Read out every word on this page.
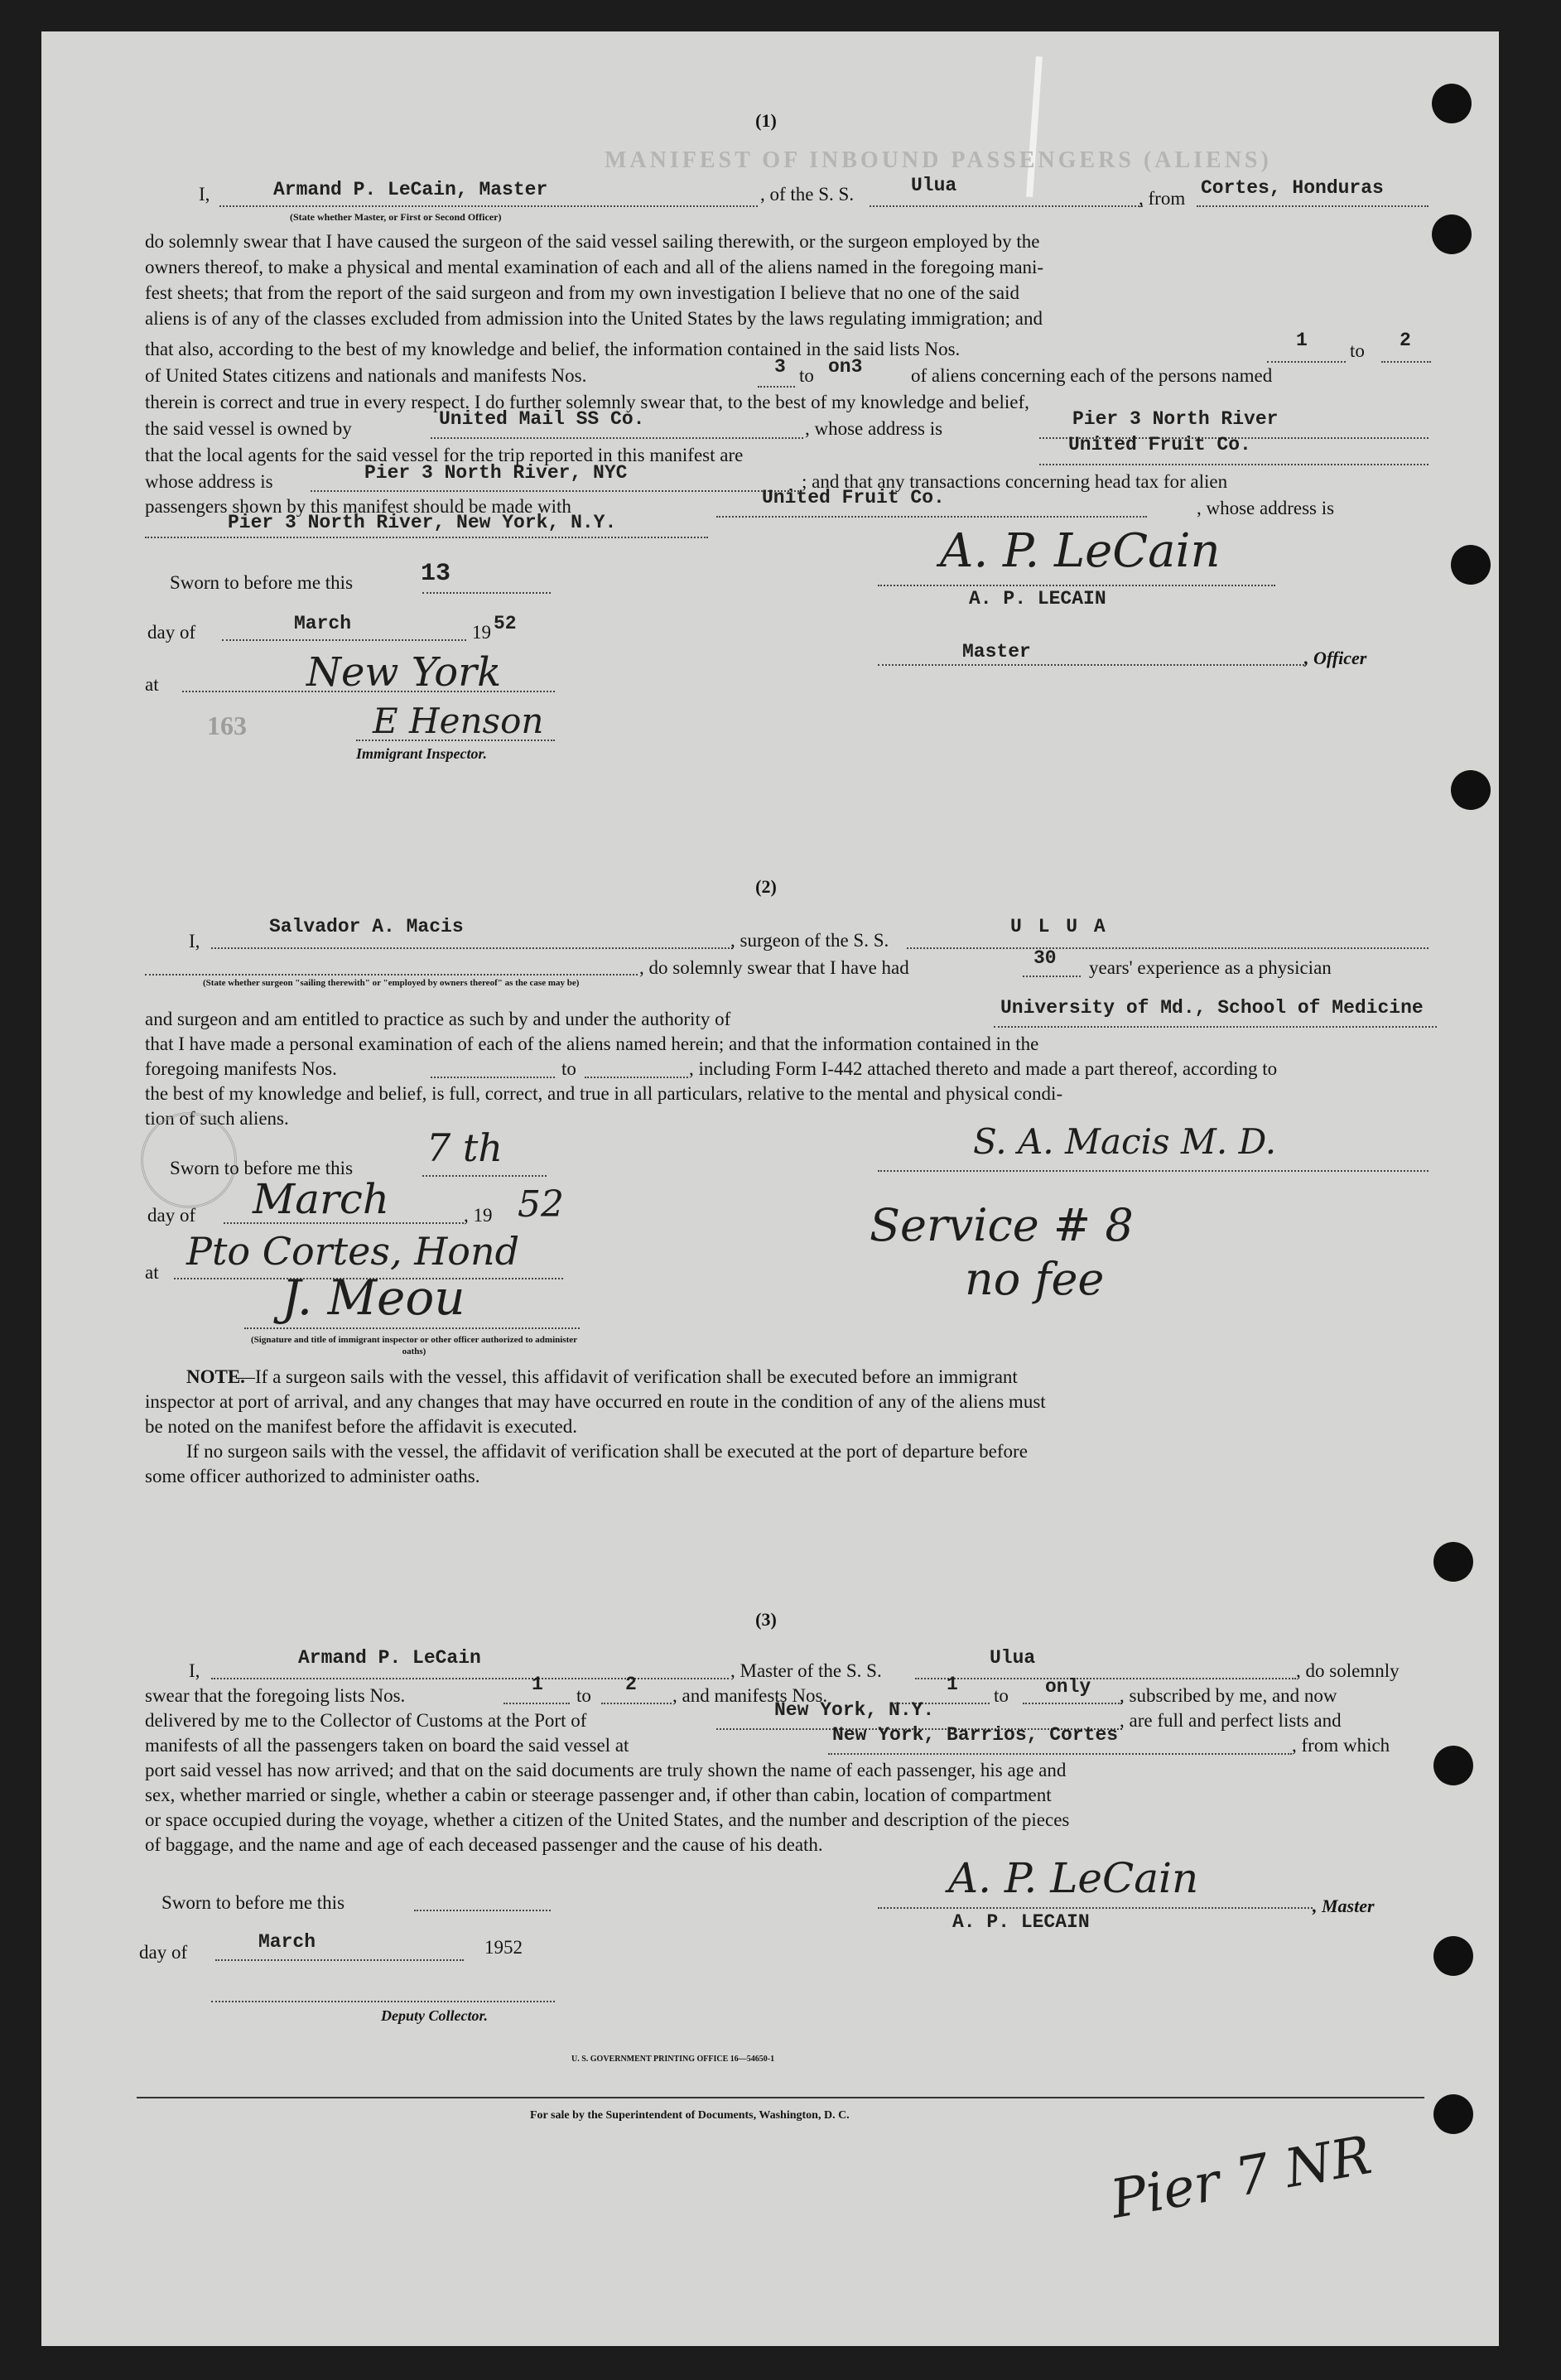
MANIFEST OF INBOUND PASSENGERS (ALIENS)
(1)
I,	Armand P. LeCain, Master
(State whether Master, or First or Second Officer)
, of the S. S.	Ulua
, from Cortes, Honduras
do solemnly swear that I have caused the surgeon of the said vessel sailing therewith, or the surgeon employed by the
owners thereof, to make a physical and mental examination of each and all of the aliens named in the foregoing mani-
fest sheets; that from the report of the said surgeon and from my own investigation I believe that no one of the said
aliens is of any of the classes excluded from admission into the United States by the laws regulating immigration; and
that also, according to the best of my knowledge and belief, the information contained in the said lists Nos.	1 to 2
of United States citizens and nationals and manifests Nos.	3 to on3	of aliens concerning each of the persons named
therein is correct and true in every respect. I do further solemnly swear that, to the best of my knowledge and belief,
the said vessel is owned by	United Mail SS Co.	, whose address is	Pier 3 North River
that the local agents for the said vessel for the trip reported in this manifest are	United Fruit Co.
whose address is	Pier 3 North River, NYC	; and that any transactions concerning head tax for alien
passengers shown by this manifest should be made with	United Fruit Co.	, whose address is
Pier 3 North River, New York, N.Y.
Sworn to before me this	13
day of	March	19 52
at	New York
E Henson
Immigrant Inspector.
163
A. P. LeCain
A. P. LECAIN
Master	, Officer
(2)
I,
Salvador A. Macis
, surgeon of the S. S.
U L U A
, do solemnly swear that I have had	30 years' experience as a physician
(State whether surgeon "sailing therewith" or "employed by owners thereof" as the case may be)
and surgeon and am entitled to practice as such by and under the authority of
University of Md., School of Medicine
that I have made a personal examination of each of the aliens named herein; and that the information contained in the
foregoing manifests Nos.	to	, including Form I-442 attached thereto and made a part thereof, according to
the best of my knowledge and belief, is full, correct, and true in all particulars, relative to the mental and physical condi-
tion of such aliens.
Sworn to before me this 7 th
day of March	, 19 52
at Pto Cortes, Hond
J. Meou
(Signature and title of immigrant inspector or other officer authorized to administer oaths)
S. A. Macis M. D.
Service # 8
no fee
NOTE.
—If a surgeon sails with the vessel, this affidavit of verification shall be executed before an immigrant
inspector at port of arrival, and any changes that may have occurred en route in the condition of any of the aliens must
be noted on the manifest before the affidavit is executed.
If no surgeon sails with the vessel, the affidavit of verification shall be executed at the port of departure before
some officer authorized to administer oaths.
(3)
I,
Armand P. LeCain
, Master of the S. S.
Ulua
, do solemnly
swear that the foregoing lists Nos.
1
to
2
, and manifests Nos.
1
to only , subscribed by me, and now
delivered by me to the Collector of Customs at the Port of	New York, N.Y.	, are full and perfect lists and
manifests of all the passengers taken on board the said vessel at	New York, Barrios, Cortes	, from which
port said vessel has now arrived; and that on the said documents are truly shown the name of each passenger, his age and
sex, whether married or single, whether a cabin or steerage passenger and, if other than cabin, location of compartment
or space occupied during the voyage, whether a citizen of the United States, and the number and description of the pieces
of baggage, and the name and age of each deceased passenger and the cause of his death.
Sworn to before me this
day of	March	1952
Deputy Collector.
A. P. LeCain
A. P. LECAIN
, Master
U. S. GOVERNMENT PRINTING OFFICE 16—54650-1
For sale by the Superintendent of Documents, Washington, D. C.
Pier 7 NR
